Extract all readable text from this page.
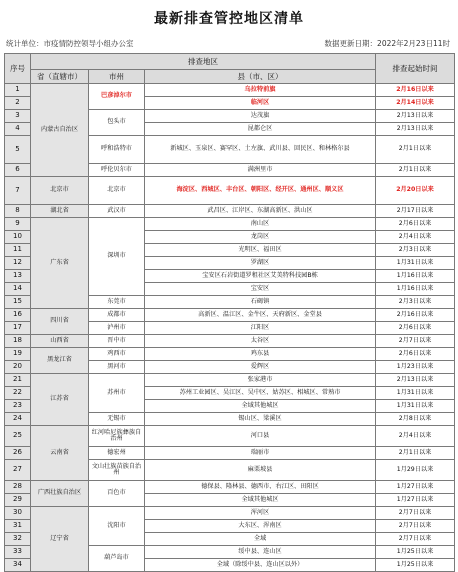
最新排查管控地区清单
统计单位：市疫情防控领导小组办公室	数据更新日期：2022年2月23日11时
序号	排查地区			排查起始时间
	省（直辖市）	市州	县（市、区）	
1	内蒙古自治区	巴彦淖尔市	乌拉特前旗	2月16日以来
2			临河区	2月14日以来
3		包头市	达茂旗	2月13日以来
4			昆都仑区	2月13日以来
5		呼和浩特市	新城区、玉泉区、赛罕区、土左旗、武川县、回民区、和林格尔县	2月1日以来
6		呼伦贝尔市	满洲里市	2月1日以来
7	北京市	北京市	海淀区、西城区、丰台区、朝阳区、经开区、通州区、顺义区	2月20日以来
8	湖北省	武汉市	武昌区、江岸区、东湖高新区、洪山区	2月17日以来
9	广东省	深圳市	南山区	2月6日以来
10			龙岗区	2月4日以来
11			光明区、福田区	2月3日以来
12			罗湖区	1月31日以来
13			宝安区石岩街道罗租社区艾美特科技园B栋	1月16日以来
14			宝安区	1月16日以来
15		东莞市	石碣镇	2月3日以来
16	四川省	成都市	高新区、温江区、金牛区、天府新区、金堂县	2月16日以来
17		泸州市	江阳区	2月6日以来
18	山西省	晋中市	太谷区	2月7日以来
19	黑龙江省	鸡西市	鸡东县	2月6日以来
20		黑河市	爱辉区	1月23日以来
21	江苏省	苏州市	张家港市	2月13日以来
22			苏州工业园区、吴江区、吴中区、姑苏区、相城区、常熟市	1月31日以来
23			全域其他城区	1月31日以来
24		无锡市	锡山区、梁溪区	2月8日以来
25	云南省	红河哈尼族彝族自治州	河口县	2月4日以来
26		德宏州	瑞丽市	2月1日以来
27		文山壮族苗族自治州	麻栗坡县	1月29日以来
28	广西壮族自治区	百色市	德保县、隆林县、德西市、右江区、田阳区	1月27日以来
29			全域其他城区	1月27日以来
30	辽宁省	沈阳市	浑河区	2月7日以来
31			大东区、浑南区	2月7日以来
32			全域	2月7日以来
33		葫芦岛市	绥中县、连山区	1月25日以来
34			全域（除绥中县、连山区以外）	1月25日以来
